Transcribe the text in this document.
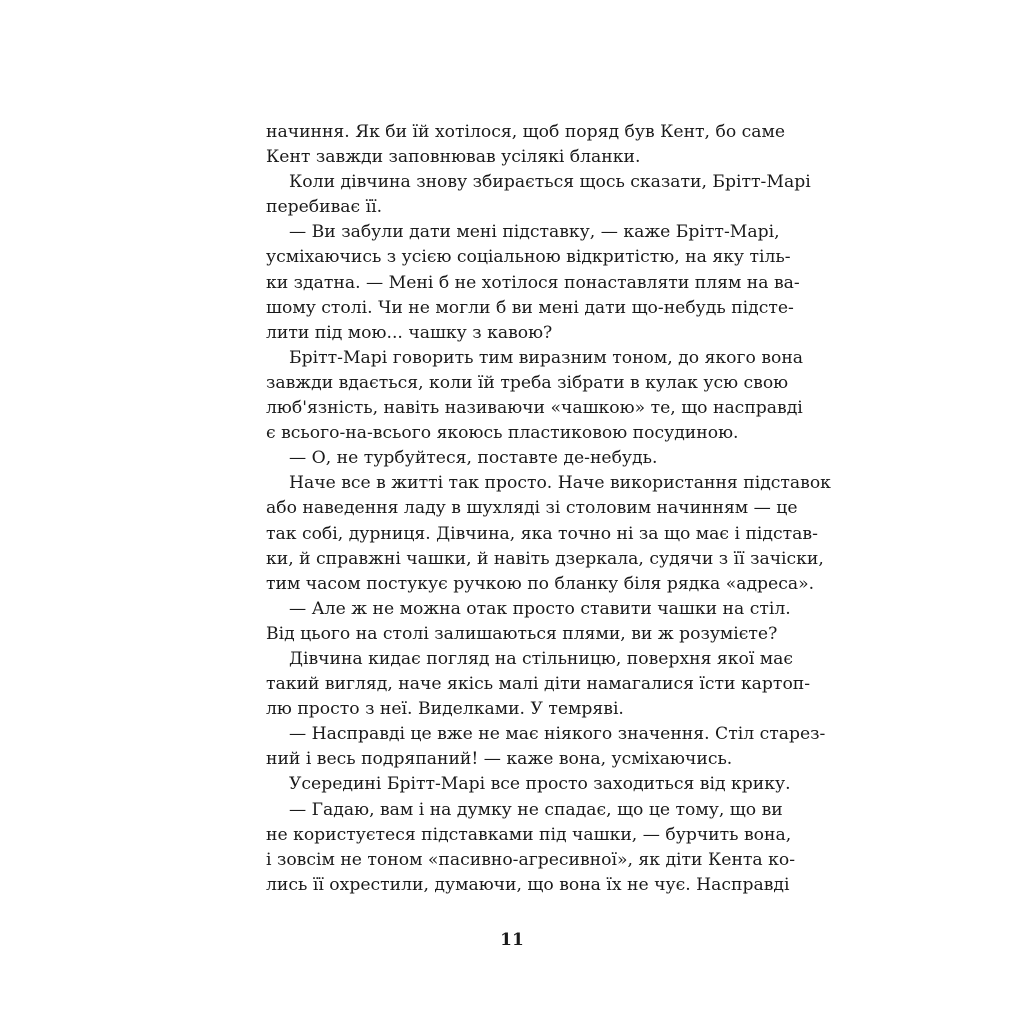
начиння. Як би їй хотілося, щоб поряд був Кент, бо саме
Кент завжди заповнював усілякі бланки.
Коли дівчина знову збирається щось сказати, Брітт-Марі
перебиває її.
— Ви забули дати мені підставку, — каже Брітт-Марі,
усміхаючись з усією соціальною відкритістю, на яку тіль-
ки здатна. — Мені б не хотілося понаставляти плям на ва-
шому столі. Чи не могли б ви мені дати що-небудь підсте-
лити під мою... чашку з кавою?
Брітт-Марі говорить тим виразним тоном, до якого вона
завжди вдається, коли їй треба зібрати в кулак усю свою
люб'язність, навіть називаючи «чашкою» те, що насправді
є всього-на-всього якоюсь пластиковою посудиною.
— О, не турбуйтеся, поставте де-небудь.
Наче все в житті так просто. Наче використання підставок
або наведення ладу в шухляді зі столовим начинням — це
так собі, дурниця. Дівчина, яка точно ні за що має і підстав-
ки, й справжні чашки, й навіть дзеркала, судячи з її зачіски,
тим часом постукує ручкою по бланку біля рядка «адреса».
— Але ж не можна отак просто ставити чашки на стіл.
Від цього на столі залишаються плями, ви ж розумієте?
Дівчина кидає погляд на стільницю, поверхня якої має
такий вигляд, наче якісь малі діти намагалися їсти картоп-
лю просто з неї. Виделками. У темряві.
— Насправді це вже не має ніякого значення. Стіл старез-
ний і весь подряпаний! — каже вона, усміхаючись.
Усередині Брітт-Марі все просто заходиться від крику.
— Гадаю, вам і на думку не спадає, що це тому, що ви
не користуєтеся підставками під чашки, — бурчить вона,
і зовсім не тоном «пасивно-агресивної», як діти Кента ко-
лись її охрестили, думаючи, що вона їх не чує. Насправді
11
